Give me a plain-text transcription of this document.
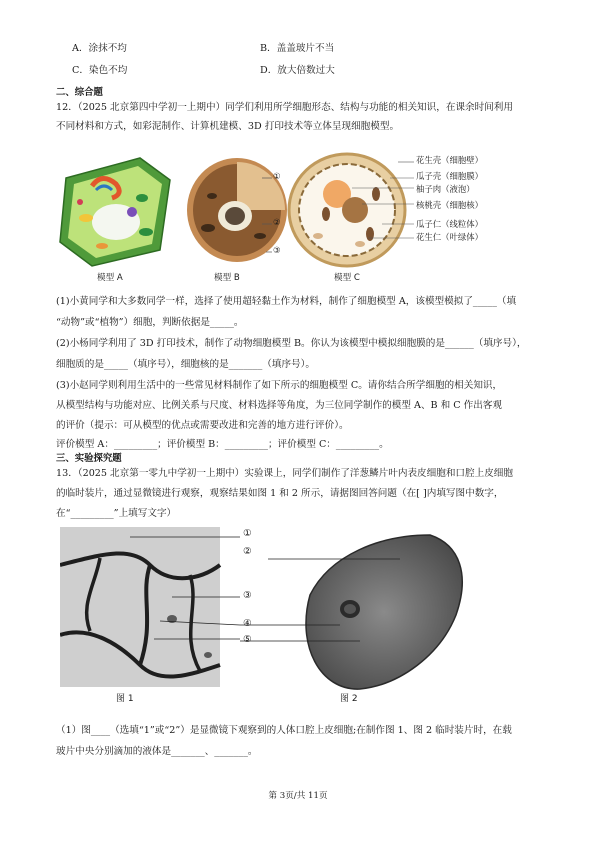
A．涂抹不均	B．盖盖玻片不当
C．染色不均	D．放大倍数过大
二、综合题
12．（2025 北京第四中学初一上期中）同学们利用所学细胞形态、结构与功能的相关知识，在课余时间利用
不同材料和方式，如彩泥制作、计算机建模、3D 打印技术等立体呈现细胞模型。
①
②
③
花生壳（细胞壁）
瓜子壳（细胞膜）
柚子肉（液泡）
核桃壳（细胞核）
瓜子仁（线粒体）
花生仁（叶绿体）
模型 A	模型 B	模型 C
(1)小黄同学和大多数同学一样，选择了使用超轻黏土作为材料，制作了细胞模型 A，该模型模拟了_____（填
“动物”或“植物”）细胞，判断依据是_____。
(2)小杨同学利用了 3D 打印技术，制作了动物细胞模型 B。你认为该模型中模拟细胞膜的是______（填序号），
细胞质的是_____（填序号），细胞核的是_______（填序号）。
(3)小赵同学则利用生活中的一些常见材料制作了如下所示的细胞模型 C。请你结合所学细胞的相关知识，
从模型结构与功能对应、比例关系与尺度、材料选择等角度，为三位同学制作的模型 A、B 和 C 作出客观
的评价（提示：可从模型的优点或需要改进和完善的地方进行评价）。
评价模型 A：_________；评价模型 B：_________；评价模型 C：_________。
三、实验探究题
13．（2025 北京第一零九中学初一上期中）实验课上，同学们制作了洋葱鳞片叶内表皮细胞和口腔上皮细胞
的临时装片，通过显微镜进行观察，观察结果如图 1 和 2 所示，请据图回答问题（在[ ]内填写图中数字，
在“_________”上填写文字）
①
②
③
④
⑤
图 1	图 2
（1）图____（选填“1”或“2”）是显微镜下观察到的人体口腔上皮细胞;在制作图 1、图 2 临时装片时，在载
玻片中央分别滴加的液体是_______、_______。
第 3页/共 11页
